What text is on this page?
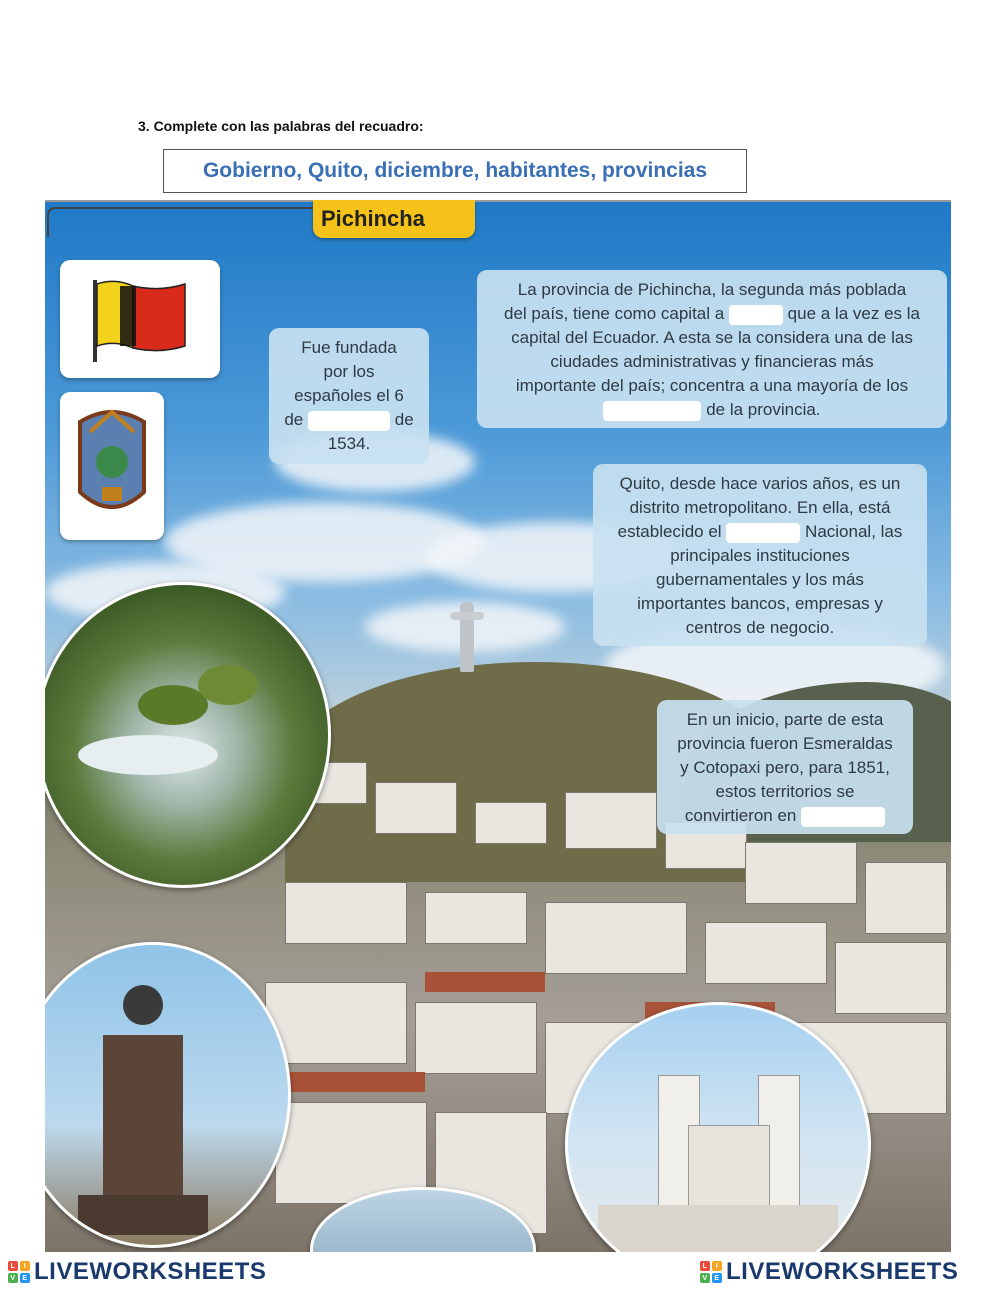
3. Complete con las palabras del recuadro:
Gobierno, Quito, diciembre, habitantes, provincias
Fue fundada
por los
españoles el 6
de	de
1534.
La provincia de Pichincha, la segunda más poblada
del país, tiene como capital a	que a la vez es la
capital del Ecuador. A esta se la considera una de las
ciudades administrativas y financieras más
importante del país; concentra a una mayoría de los
de la provincia.
Quito, desde hace varios años, es un
distrito metropolitano. En ella, está
establecido el	Nacional, las
principales instituciones
gubernamentales y los más
importantes bancos, empresas y
centros de negocio.
En un inicio, parte de esta
provincia fueron Esmeraldas
y Cotopaxi pero, para 1851,
estos territorios se
convirtieron en
Pichincha
L	I
V E LIVEWORKSHEETS	L	I
V E LIVEWORKSHEETS
